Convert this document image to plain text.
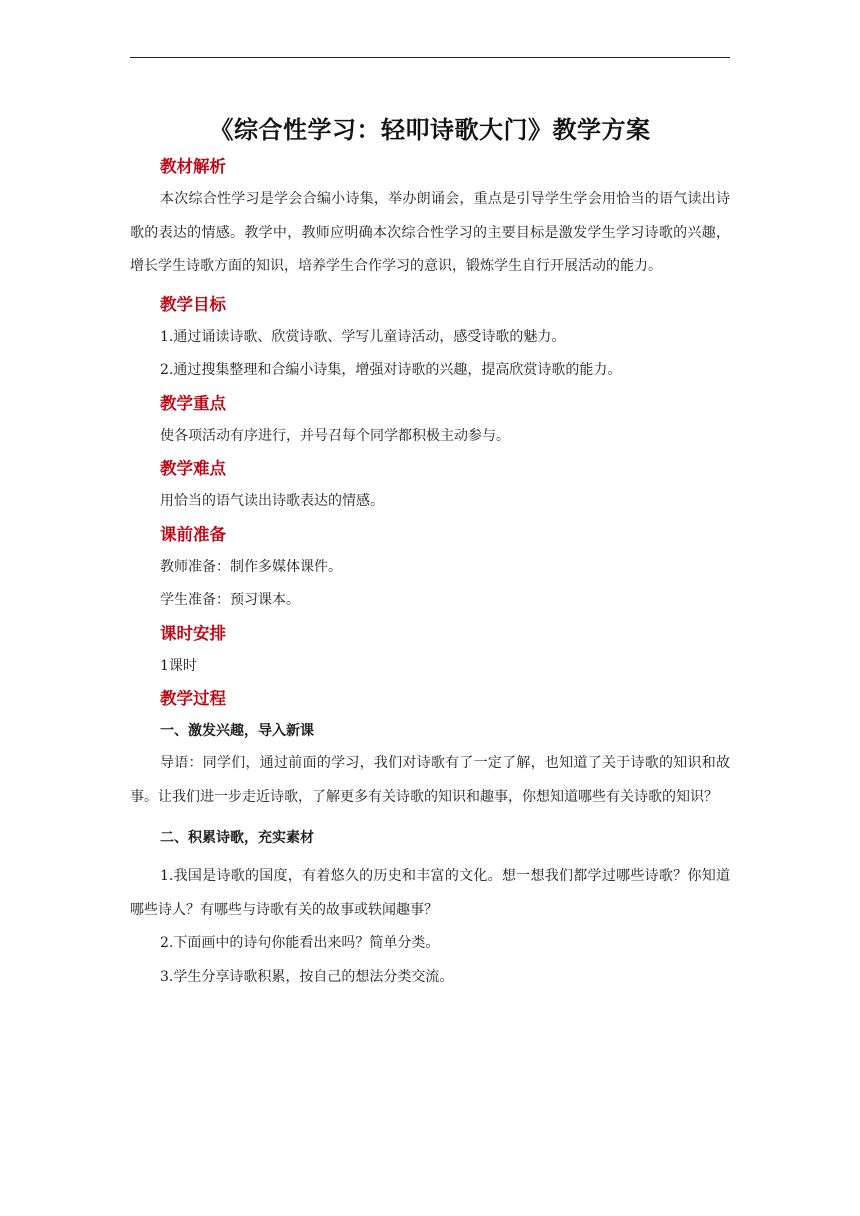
《综合性学习：轻叩诗歌大门》教学方案
教材解析

本次综合性学习是学会合编小诗集，举办朗诵会，重点是引导学生学会用恰当的语气读出诗歌的表达的情感。教学中，教师应明确本次综合性学习的主要目标是激发学生学习诗歌的兴趣，增长学生诗歌方面的知识，培养学生合作学习的意识，锻炼学生自行开展活动的能力。

教学目标

1.通过诵读诗歌、欣赏诗歌、学写儿童诗活动，感受诗歌的魅力。

2.通过搜集整理和合编小诗集，增强对诗歌的兴趣，提高欣赏诗歌的能力。

教学重点

使各项活动有序进行，并号召每个同学都积极主动参与。

教学难点

用恰当的语气读出诗歌表达的情感。

课前准备

教师准备：制作多媒体课件。

学生准备：预习课本。

课时安排

1课时

教学过程

一、激发兴趣，导入新课

导语：同学们，通过前面的学习，我们对诗歌有了一定了解，也知道了关于诗歌的知识和故事。让我们进一步走近诗歌，了解更多有关诗歌的知识和趣事，你想知道哪些有关诗歌的知识？

二、积累诗歌，充实素材

1.我国是诗歌的国度，有着悠久的历史和丰富的文化。想一想我们都学过哪些诗歌？你知道哪些诗人？有哪些与诗歌有关的故事或轶闻趣事？

2.下面画中的诗句你能看出来吗？简单分类。

3.学生分享诗歌积累，按自己的想法分类交流。
